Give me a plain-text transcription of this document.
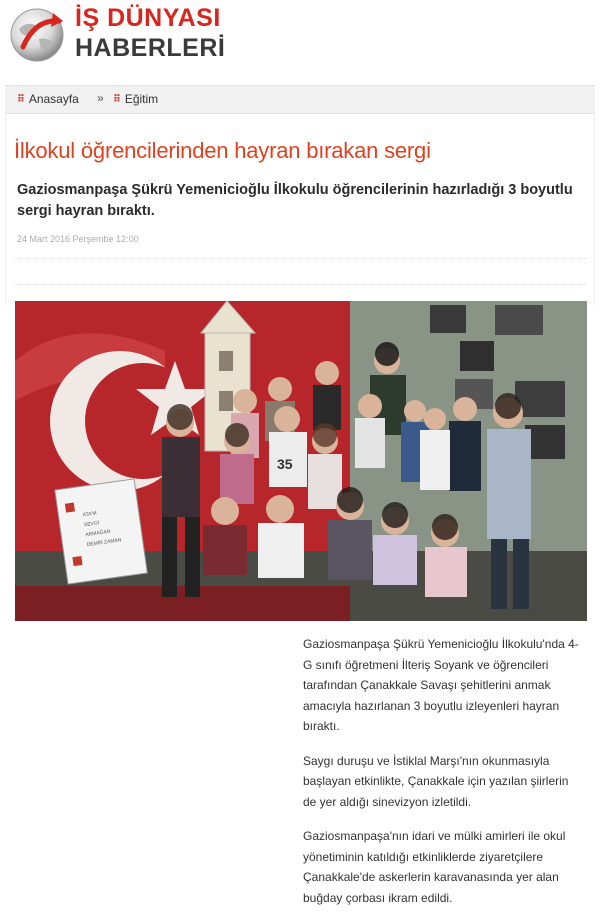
İŞ DÜNYASI
HABERLERİ
⠿ Anasayfa » ⠿ Eğitim
İlkokul öğrencilerinden hayran bırakan sergi

Gaziosmanpaşa Şükrü Yemenicioğlu İlkokulu öğrencilerinin hazırladığı 3 boyutlu sergi hayran bıraktı.

24 Mart 2016 Perşembe 12:00
ATA'M
SEVGİ
ARMAĞAN
DEMİR ZAMAN
35

Gaziosmanpaşa Şükrü Yemenicioğlu İlkokulu'nda 4-G sınıfı öğretmeni İlteriş Soyank ve öğrencileri tarafından Çanakkale Savaşı şehitlerini anmak amacıyla hazırlanan 3 boyutlu izleyenleri hayran bıraktı.

Saygı duruşu ve İstiklal Marşı'nın okunmasıyla başlayan etkinlikte, Çanakkale için yazılan şiirlerin de yer aldığı sinevizyon izletildi.

Gaziosmanpaşa'nın idari ve mülki amirleri ile okul yönetiminin katıldığı etkinliklerde ziyaretçilere Çanakkale'de askerlerin karavanasında yer alan buğday çorbası ikram edildi.
